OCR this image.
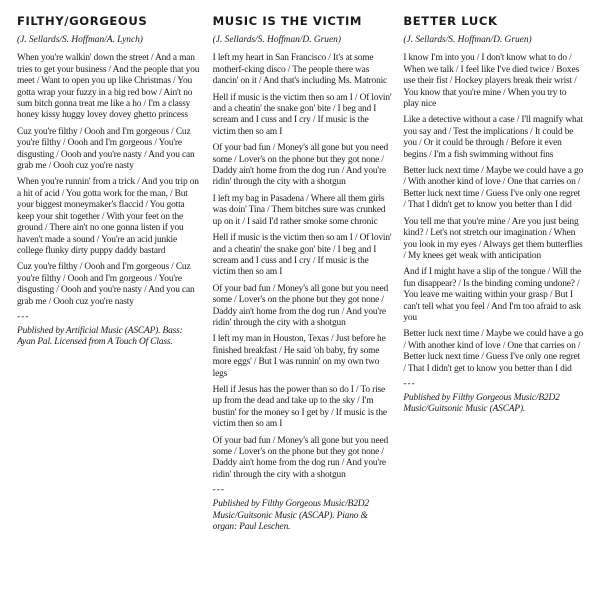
FILTHY/GORGEOUS
(J. Sellards/S. Hoffman/A. Lynch)
When you're walkin' down the street / And a man tries to get your business / And the people that you meet / Want to open you up like Christmas / You gotta wrap your fuzzy in a big red bow / Ain't no sum bitch gonna treat me like a ho / I'm a classy honey kissy huggy lovey dovey ghetto princess
Cuz you're filthy / Oooh and I'm gorgeous / Cuz you're filthy / Oooh and I'm gorgeous / You're disgusting / Oooh and you're nasty / And you can grab me / Oooh cuz you're nasty
When you're runnin' from a trick / And you trip on a hit of acid / You gotta work for the man, / But your biggest moneymaker's flaccid / You gotta keep your shit together / With your feet on the ground / There ain't no one gonna listen if you haven't made a sound / You're an acid junkie college flunky dirty puppy daddy bastard
Cuz you're filthy / Oooh and I'm gorgeous / Cuz you're filthy / Oooh and I'm gorgeous / You're disgusting / Oooh and you're nasty / And you can grab me / Oooh cuz you're nasty
---
Published by Artificial Music (ASCAP). Bass: Ayan Pal. Licensed from A Touch Of Class.
MUSIC IS THE VICTIM
(J. Sellards/S. Hoffman/D. Gruen)
I left my heart in San Francisco / It's at some motherf-cking disco / The people there was dancin' on it / And that's including Ms. Matronic
Hell if music is the victim then so am I / Of lovin' and a cheatin' the snake gon' bite / I beg and I scream and I cuss and I cry / If music is the victim then so am I
Of your bad fun / Money's all gone but you need some / Lover's on the phone but they got none / Daddy ain't home from the dog run / And you're ridin' through the city with a shotgun
I left my bag in Pasadena / Where all them girls was doin' Tina / Them bitches sure was crunked up on it / I said I'd rather smoke some chronic
Hell if music is the victim then so am I / Of lovin' and a cheatin' the snake gon' bite / I beg and I scream and I cuss and I cry / If music is the victim then so am I
Of your bad fun / Money's all gone but you need some / Lover's on the phone but they got none / Daddy ain't home from the dog run / And you're ridin' through the city with a shotgun
I left my man in Houston, Texas / Just before he finished breakfast / He said 'oh baby, fry some more eggs' / But I was runnin' on my own two legs
Hell if Jesus has the power than so do I / To rise up from the dead and take up to the sky / I'm bustin' for the money so I get by / If music is the victim then so am I
Of your bad fun / Money's all gone but you need some / Lover's on the phone but they got none / Daddy ain't home from the dog run / And you're ridin' through the city with a shotgun
---
Published by Filthy Gorgeous Music/B2D2 Music/Guitsonic Music (ASCAP). Piano & organ: Paul Leschen.
BETTER LUCK
(J. Sellards/S. Hoffman/D. Gruen)
I know I'm into you / I don't know what to do / When we talk / I feel like I've died twice / Boxes use their fist / Hockey players break their wrist / You know that you're mine / When you try to play nice
Like a detective without a case / I'll magnify what you say and / Test the implications / It could be you / Or it could be through / Before it even begins / I'm a fish swimming without fins
Better luck next time / Maybe we could have a go / With another kind of love / One that carries on / Better luck next time / Guess I've only one regret / That I didn't get to know you better than I did
You tell me that you're mine / Are you just being kind? / Let's not stretch our imagination / When you look in my eyes / Always get them butterflies / My knees get weak with anticipation
And if I might have a slip of the tongue / Will the fun disappear? / Is the binding coming undone? / You leave me waiting within your grasp / But I can't tell what you feel / And I'm too afraid to ask you
Better luck next time / Maybe we could have a go / With another kind of love / One that carries on / Better luck next time / Guess I've only one regret / That I didn't get to know you better than I did
---
Published by Filthy Gorgeous Music/B2D2 Music/Guitsonic Music (ASCAP).
